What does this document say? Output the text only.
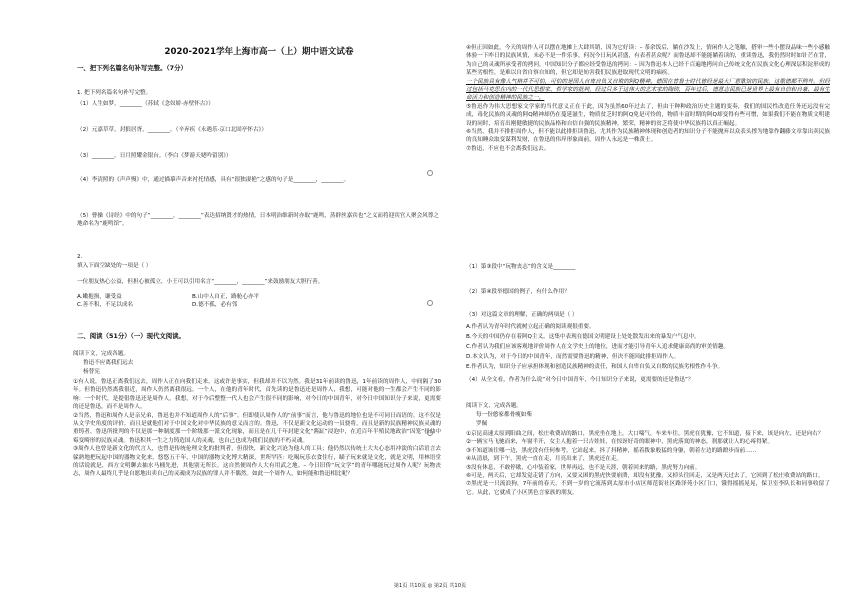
2020-2021学年上海市高一（上）期中语文试卷
一、把下列名篇名句补写完整。（7分）
1. 把下列名篇名句补写完整。
（1）人生如梦，________（苏轼《念奴娇·赤壁怀古》）
（2）元嘉草草，封狼居胥，________。（辛弃疾《永遇乐·京口北固亭怀古》）
（3）________。日月照耀金银台。（李白《梦游天姥吟留别》）
（4）李清照的《声声慢》中，通过描摹声音来衬托情感，具有“很独凄艳”之感的句子是________，________。
（5）曹操《诗经》中的句子“________，________”表达招纳贤才的热情，日本明治维新时亦取“鹿鸣，蒸群丝嘉宾也”之义而将迎宾官人聚会风尊之地命名为“鹿鸣馆”。
2.
填入下面空缺处的一项是（ ）
一位朋友热心公益，但担心被孤立，小王可以引用名言“________，________”来鼓励朋友大胆行善。
A.嫩抱损，谦受益	B.山中人自正，路舱心亦平
C.善不积，不足以成名	D.德不孤，必有邻
二、阅读（51分）（一）现代文阅读。
阅读下文，完成各题。
鲁迅不应离我们远去
杨替宪

①有人说，鲁迅正离我们远去，周作人正在向我们走来。这或许是事实，但我却并不以为然。我是31年前读的鲁迅，1年前读的周作人，中间隔了30年。但鲁迅仍然离我很近，周作人仍然离我很远。一个人，在他的青年时代，首先读的是鲁迅还是周作人，我想，可能对他的一生都会产生不同的影响：一个时代，是提倡鲁迅还是周作人，我想，对于今后整整一代人也会产生很不同的影响，对今日的中国青年，对今日中国知识分子来说，更需要的还是鲁迅，而不是周作人。

②当然，鲁迅和周作人是亲兄弟，鲁迅也并不知道周作人的“后事”。但即使认周作人的“前事”而言，他与鲁迅的地位也是不可同日而语的。这不仅是从文学史角度的评价，而且是就他们对于中国文化对中华民族的意义而言的。鲁迅，不仅是新文化运动的一员骁将，而且是新的民族精神民族灵魂的重铸者，鲁迅所批判的不仅是那一种制度那一个阶级那一派文化现象，而且是在几千年封建文化“酱缸”浸泡中，在近百年半殖民地政治“囚笼”扭曲中霉变畸形的民族灵魂。鲁迅积其一生之力铸造国人的灵魂，也自己也成为我们民族的不朽灵魂。

③周作人也曾是新文化的代言人，也曾是传统伦理文化的批判者，但很快，新文化兴沧为他人的工具；他仍然以传统士大夫心态用冲淡的白话语言去躲熟地把玩起中国的器物文化来，悠悠五千年，中国的器物文化博大精深，世所罕匹：吃喝玩乐衣食住行，瞄子玩来就是文化，就是文明，用林语堂的话说就是，西方文明聊去抽水马桶先进，其他别无所长。这自然便周作人大有用武之地。– 今日旧侨“玩文学”的青年哪能玩过周作人呢？玩物丧志，周作人最终几乎是自愿地出卖自己的灵魂成为民族的罪人并不偶然。如此一个周作人，如何能和鲁迅相比呢？

④但正因如此，今天的周作人可以摆在地摊上大肆其销，因为它好读：– 茶余饭后，躺在沙发上，情闲作人之笔触，搭审一些小摆设品味一些小感触体验一下咋日的民族风情，未必不是一件乐事，何况今日玩风甚盛，有表者甚众呢？而鲁迅却不能能躺着读的，重读鲁迅，我仍然时时如针芒在背，为自己的灵魂所承受者的拷问。中国知识分子都应经受鲁迅的拷问：– 因为鲁迅本人已经千百遍地拷问自己传统文化在民族文化心理深层积淀形成的某些劣根性，是难以自省自察自知的，但它却是妨害我们民族进取现代文明的痼疾。

一个民族具有像人气格并不可怕，可怕的是国人自卑自负又自欺的阿Q精神。德国在普鲁士时代曾经是最大厂意歌馆的民族，这歌德都不例外，但经过包括马克思在内的一代代思想家、哲学家的批判，经过只多于这伟大的艺术家的陶铸，百年过后，德意志民族已是世界上最有自信和自豪、最有生命活力和创造精神的民族之一。

⑤鲁迅作为伟大思想家文学家的当代意义正在于此，因为虽然60年过去了，但由于种种政治历史主题的变奏，我们的国民性改造任务还远没有完成，毒化民族的灵魂的阿Q精神却仍在蔓延滋生，物质贫乏时的阿Q免是可怜的，物质丰富时期的阿Q却变得有些可憎，如果我们不能在物质文明建设的同时，培育出刚健敏捷的民族品格和自信自强的民族精神，繁荣，精神的贫乏将使中华民族将以真正崛起。

⑥当然，我并不排拒周作人，但不能以此排拒读鲁迅，尤其作为民族精神体现和创造者的知识分子不能抛弃以众表头撑为地靠作翻藤文章靠出卖民族的良知睡众取变谋利发财，在鲁迅的伟岸形象面前，周作人永远是一株黄士。

⑦鲁迅，不应也不会离我们远去。

（1）第③段中“玩物丧志”的含义是________
（2）第④段举德国的例子，有什么作用？
（3）对这篇文章的理解，正确的两项是（ ）
A.作者认为青年时代就树立起正确的阅读观很重要。
B.今天的中国仍存在着阿Q主义，这集中表现在德国文明建设上处处散发出来的暴发户气息中。
C.作者认为我们应该客观地评价周作人在文学史上的地位，进而才能引导青年人追求健康高尚的审美情趣。
D.本文认为，对于今日的中国青年，而然需要鲁迅的精神，但决不能因此排拒周作人。
E.作者认为，知识分子应承担体现和创造民族精神的责任，和国人自卑自负又自欺的民族劣根性作斗争。
（4）从全文看，作者为什么说“对今日中国青年，今日知识分子来说，更需要的还是鲁迅”？
阅读下文，完成各题。
每一份憨家都骨瘦如柴
罗佩

①京昆高速太原到阳曲之间，松庄收费站的路口，黑虎坐在地上，大口喘气，车来车往，黑虎在犹豫，它不知道，接下来，该是向左，还是向右？

②一辆宝马飞驰而来，车窗半开，女主人抱着一只吉娃娃，在惊讶好奇的眼神中，黑虎落寞的神态，刹那就让人的心疼得紧。

③不知道该往哪一边，黑虎没有任何参考，它站起来，抖了抖精神，摇着拨象般猛的身躯，朝着左边的路蹬步而前……

④从清晨，到下午，黑虎一直在走，月亮出来了，黑虎还在走。

⑤没有休息，不敢停歇，心中装着家，世界再远，也不是天涯，朝着回来的路，黑虎努力向前。

⑥可是，两天后，它却发觉走错了方向，又要又困的黑虎快要崩溃，却没有犹豫，又掉头往回走，又是两天过去了，它回到了松庄收费站的路口。

⑦黑虎是一只流浪狗，7年前的春天，不到一岁的它流落到太原市小店区师范街社区路泽苑小区门口，饿得摇摇晃晃，保卫室李队长和同事收留了它。从此，它就成了小区黑色言家族的朋友。

第1页 共10页 ◎ 第2页 共10页
